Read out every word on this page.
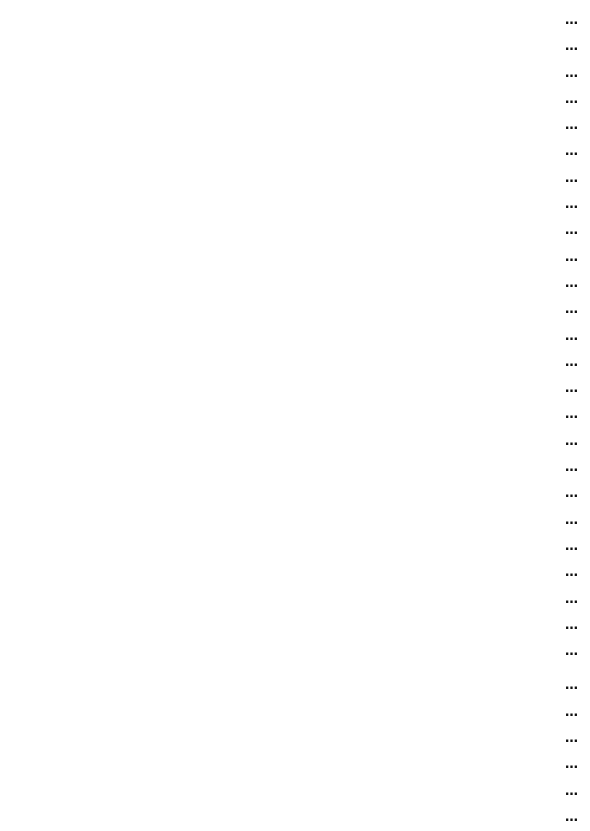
…
…
…
…
…
…
…
…
…
…
…
…
…
…
…
…
…
…
…
…
…
…
…
…
…
…
…
…
…
…
…
